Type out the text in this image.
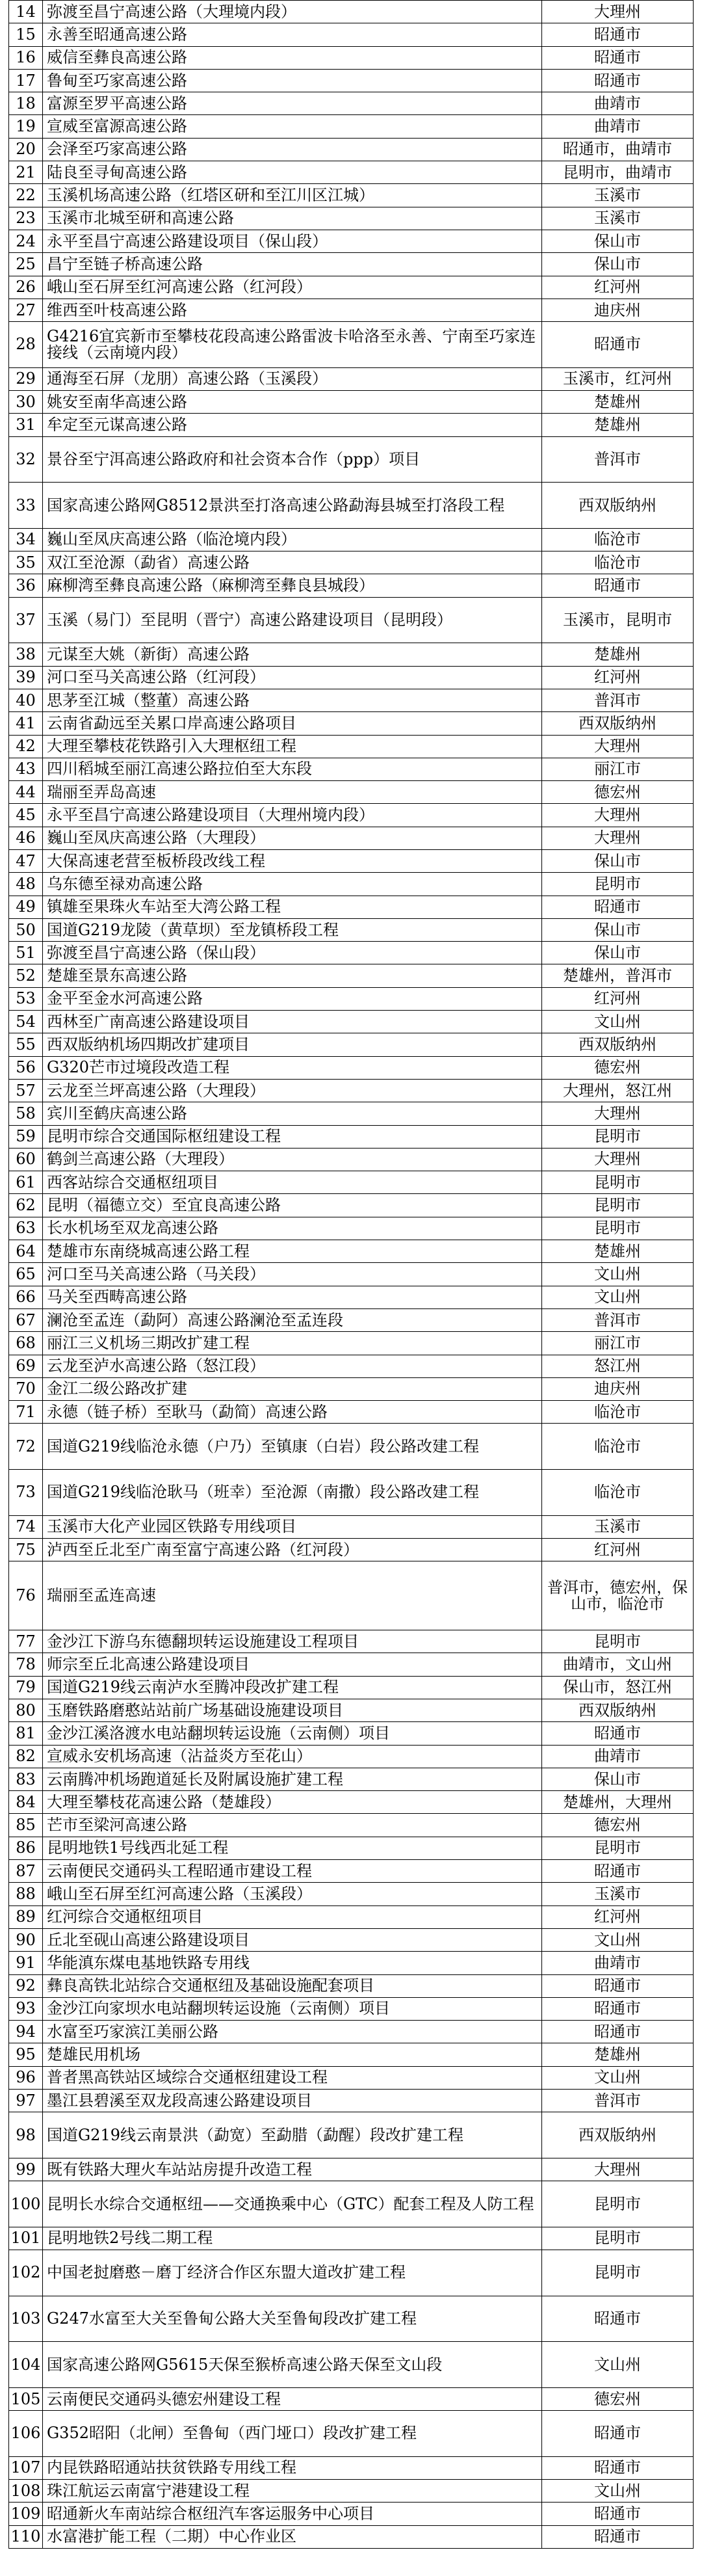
14	弥渡至昌宁高速公路（大理境内段）	大理州
15	永善至昭通高速公路	昭通市
16	威信至彝良高速公路	昭通市
17	鲁甸至巧家高速公路	昭通市
18	富源至罗平高速公路	曲靖市
19	宣威至富源高速公路	曲靖市
20	会泽至巧家高速公路	昭通市，曲靖市
21	陆良至寻甸高速公路	昆明市，曲靖市
22	玉溪机场高速公路（红塔区研和至江川区江城）	玉溪市
23	玉溪市北城至研和高速公路	玉溪市
24	永平至昌宁高速公路建设项目（保山段）	保山市
25	昌宁至链子桥高速公路	保山市
26	峨山至石屏至红河高速公路（红河段）	红河州
27	维西至叶枝高速公路	迪庆州
28	G4216宜宾新市至攀枝花段高速公路雷波卡哈洛至永善、宁南至巧家连接线（云南境内段）	昭通市
29	通海至石屏（龙朋）高速公路（玉溪段）	玉溪市，红河州
30	姚安至南华高速公路	楚雄州
31	牟定至元谋高速公路	楚雄州
32	景谷至宁洱高速公路政府和社会资本合作（ppp）项目	普洱市
33	国家高速公路网G8512景洪至打洛高速公路勐海县城至打洛段工程	西双版纳州
34	巍山至凤庆高速公路（临沧境内段）	临沧市
35	双江至沧源（勐省）高速公路	临沧市
36	麻柳湾至彝良高速公路（麻柳湾至彝良县城段）	昭通市
37	玉溪（易门）至昆明（晋宁）高速公路建设项目（昆明段）	玉溪市，昆明市
38	元谋至大姚（新街）高速公路	楚雄州
39	河口至马关高速公路（红河段）	红河州
40	思茅至江城（整董）高速公路	普洱市
41	云南省勐远至关累口岸高速公路项目	西双版纳州
42	大理至攀枝花铁路引入大理枢纽工程	大理州
43	四川稻城至丽江高速公路拉伯至大东段	丽江市
44	瑞丽至弄岛高速	德宏州
45	永平至昌宁高速公路建设项目（大理州境内段）	大理州
46	巍山至凤庆高速公路（大理段）	大理州
47	大保高速老营至板桥段改线工程	保山市
48	乌东德至禄劝高速公路	昆明市
49	镇雄至果珠火车站至大湾公路工程	昭通市
50	国道G219龙陵（黄草坝）至龙镇桥段工程	保山市
51	弥渡至昌宁高速公路（保山段）	保山市
52	楚雄至景东高速公路	楚雄州，普洱市
53	金平至金水河高速公路	红河州
54	西林至广南高速公路建设项目	文山州
55	西双版纳机场四期改扩建项目	西双版纳州
56	G320芒市过境段改造工程	德宏州
57	云龙至兰坪高速公路（大理段）	大理州，怒江州
58	宾川至鹤庆高速公路	大理州
59	昆明市综合交通国际枢纽建设工程	昆明市
60	鹤剑兰高速公路（大理段）	大理州
61	西客站综合交通枢纽项目	昆明市
62	昆明（福德立交）至宜良高速公路	昆明市
63	长水机场至双龙高速公路	昆明市
64	楚雄市东南绕城高速公路工程	楚雄州
65	河口至马关高速公路（马关段）	文山州
66	马关至西畴高速公路	文山州
67	澜沧至孟连（勐阿）高速公路澜沧至孟连段	普洱市
68	丽江三义机场三期改扩建工程	丽江市
69	云龙至泸水高速公路（怒江段）	怒江州
70	金江二级公路改扩建	迪庆州
71	永德（链子桥）至耿马（勐简）高速公路	临沧市
72	国道G219线临沧永德（户乃）至镇康（白岩）段公路改建工程	临沧市
73	国道G219线临沧耿马（班幸）至沧源（南撒）段公路改建工程	临沧市
74	玉溪市大化产业园区铁路专用线项目	玉溪市
75	泸西至丘北至广南至富宁高速公路（红河段）	红河州
76	瑞丽至孟连高速	普洱市，德宏州，保山市，临沧市
77	金沙江下游乌东德翻坝转运设施建设工程项目	昆明市
78	师宗至丘北高速公路建设项目	曲靖市，文山州
79	国道G219线云南泸水至腾冲段改扩建工程	保山市，怒江州
80	玉磨铁路磨憨站站前广场基础设施建设项目	西双版纳州
81	金沙江溪洛渡水电站翻坝转运设施（云南侧）项目	昭通市
82	宣威永安机场高速（沾益炎方至花山）	曲靖市
83	云南腾冲机场跑道延长及附属设施扩建工程	保山市
84	大理至攀枝花高速公路（楚雄段）	楚雄州，大理州
85	芒市至梁河高速公路	德宏州
86	昆明地铁1号线西北延工程	昆明市
87	云南便民交通码头工程昭通市建设工程	昭通市
88	峨山至石屏至红河高速公路（玉溪段）	玉溪市
89	红河综合交通枢纽项目	红河州
90	丘北至砚山高速公路建设项目	文山州
91	华能滇东煤电基地铁路专用线	曲靖市
92	彝良高铁北站综合交通枢纽及基础设施配套项目	昭通市
93	金沙江向家坝水电站翻坝转运设施（云南侧）项目	昭通市
94	水富至巧家滨江美丽公路	昭通市
95	楚雄民用机场	楚雄州
96	普者黑高铁站区域综合交通枢纽建设工程	文山州
97	墨江县碧溪至双龙段高速公路建设项目	普洱市
98	国道G219线云南景洪（勐宽）至勐腊（勐醒）段改扩建工程	西双版纳州
99	既有铁路大理火车站站房提升改造工程	大理州
100	昆明长水综合交通枢纽——交通换乘中心（GTC）配套工程及人防工程	昆明市
101	昆明地铁2号线二期工程	昆明市
102	中国老挝磨憨－磨丁经济合作区东盟大道改扩建工程	昆明市
103	G247水富至大关至鲁甸公路大关至鲁甸段改扩建工程	昭通市
104	国家高速公路网G5615天保至猴桥高速公路天保至文山段	文山州
105	云南便民交通码头德宏州建设工程	德宏州
106	G352昭阳（北闸）至鲁甸（西门垭口）段改扩建工程	昭通市
107	内昆铁路昭通站扶贫铁路专用线工程	昭通市
108	珠江航运云南富宁港建设工程	文山州
109	昭通新火车南站综合枢纽汽车客运服务中心项目	昭通市
110	水富港扩能工程（二期）中心作业区	昭通市
